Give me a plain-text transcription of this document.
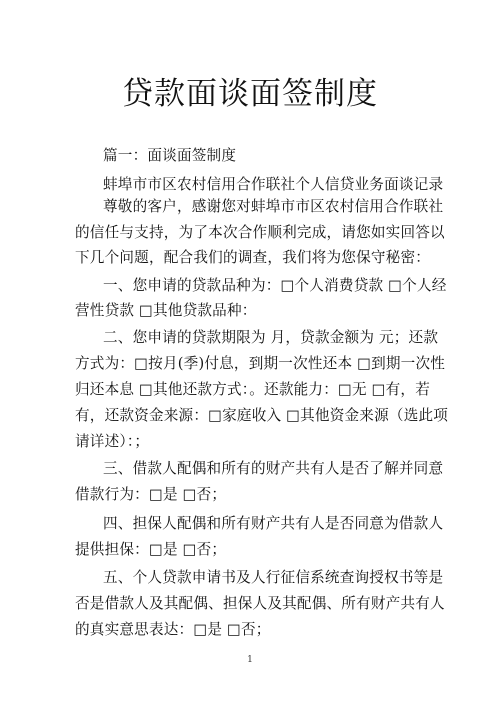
贷款面谈面签制度
篇一：面谈面签制度
蚌埠市市区农村信用合作联社个人信贷业务面谈记录
尊敬的客户，感谢您对蚌埠市市区农村信用合作联社
的信任与支持，为了本次合作顺利完成，请您如实回答以
下几个问题，配合我们的调查，我们将为您保守秘密：
一、您申请的贷款品种为：□个人消费贷款 □个人经
营性贷款 □其他贷款品种：
二、您申请的贷款期限为 月，贷款金额为 元；还款
方式为：□按月(季)付息，到期一次性还本 □到期一次性
归还本息 □其他还款方式：。还款能力：□无 □有，若
有，还款资金来源：□家庭收入 □其他资金来源（选此项
请详述）：；
三、借款人配偶和所有的财产共有人是否了解并同意
借款行为：□是 □否；
四、担保人配偶和所有财产共有人是否同意为借款人
提供担保：□是 □否；
五、个人贷款申请书及人行征信系统查询授权书等是
否是借款人及其配偶、担保人及其配偶、所有财产共有人
的真实意思表达：□是 □否；
1
